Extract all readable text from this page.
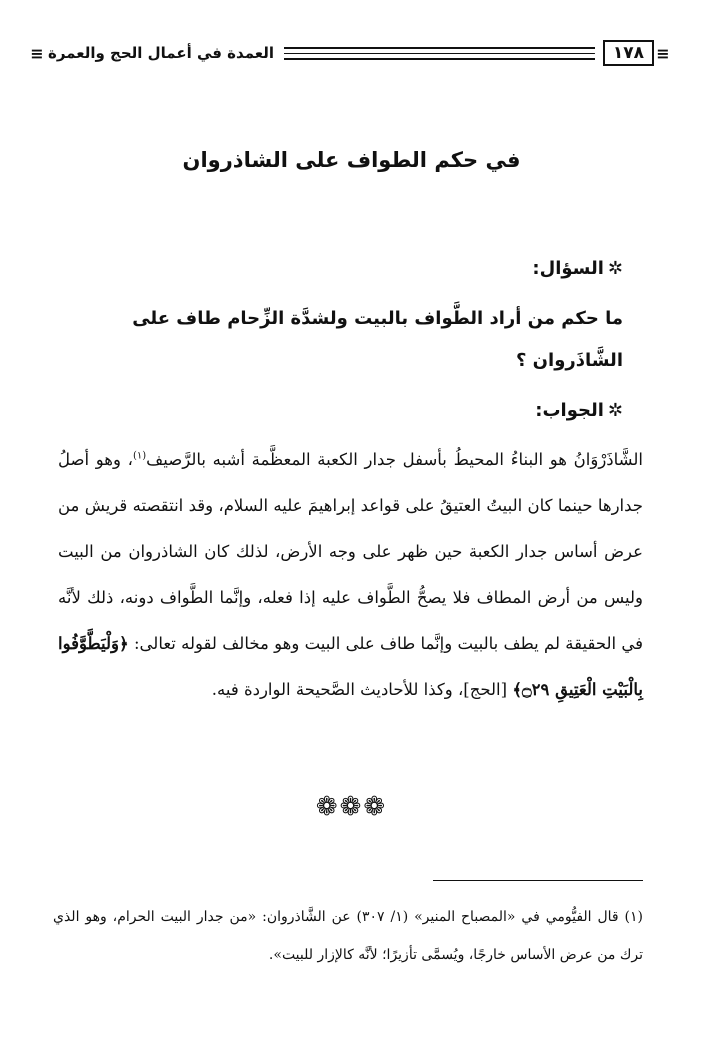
≡
١٧٨
العمدة في أعمال الحج والعمرة
≡
في حكم الطواف على الشاذروان
✲السؤال:
ما حكم من أراد الطَّواف بالبيت ولشدَّة الزِّحام طاف على الشَّاذَروان ؟
✲الجواب:
الشَّاذَرْوَانُ هو البناءُ المحيطُ بأسفل جدار الكعبة المعظَّمة أشبه بالرَّصيف$^{(١)}$، وهو أصلُ جدارها حينما كان البيتُ العتيقُ على قواعد إبراهيمَ عليه السلام، وقد انتقصته قريش من عرض أساس جدار الكعبة حين ظهر على وجه الأرض، لذلك كان الشاذروان من البيت وليس من أرض المطاف فلا يصحُّ الطَّواف عليه إذا فعله، وإنَّما الطَّواف دونه، ذلك لأنَّه في الحقيقة لم يطف بالبيت وإنَّما طاف على البيت وهو مخالف لقوله تعالى: ﴿وَلْيَطَّوَّفُوا بِالْبَيْتِ الْعَتِيقِ ۝٢٩﴾ [الحج]، وكذا للأحاديث الصَّحيحة الواردة فيه.
❁❁❁
(١) قال الفيُّومي في «المصباح المنير» (١/ ٣٠٧) عن الشَّاذروان: «من جدار البيت الحرام، وهو الذي ترك من عرض الأساس خارجًا، ويُسمَّى تأزيرًا؛ لأنَّه كالإزار للبيت».
